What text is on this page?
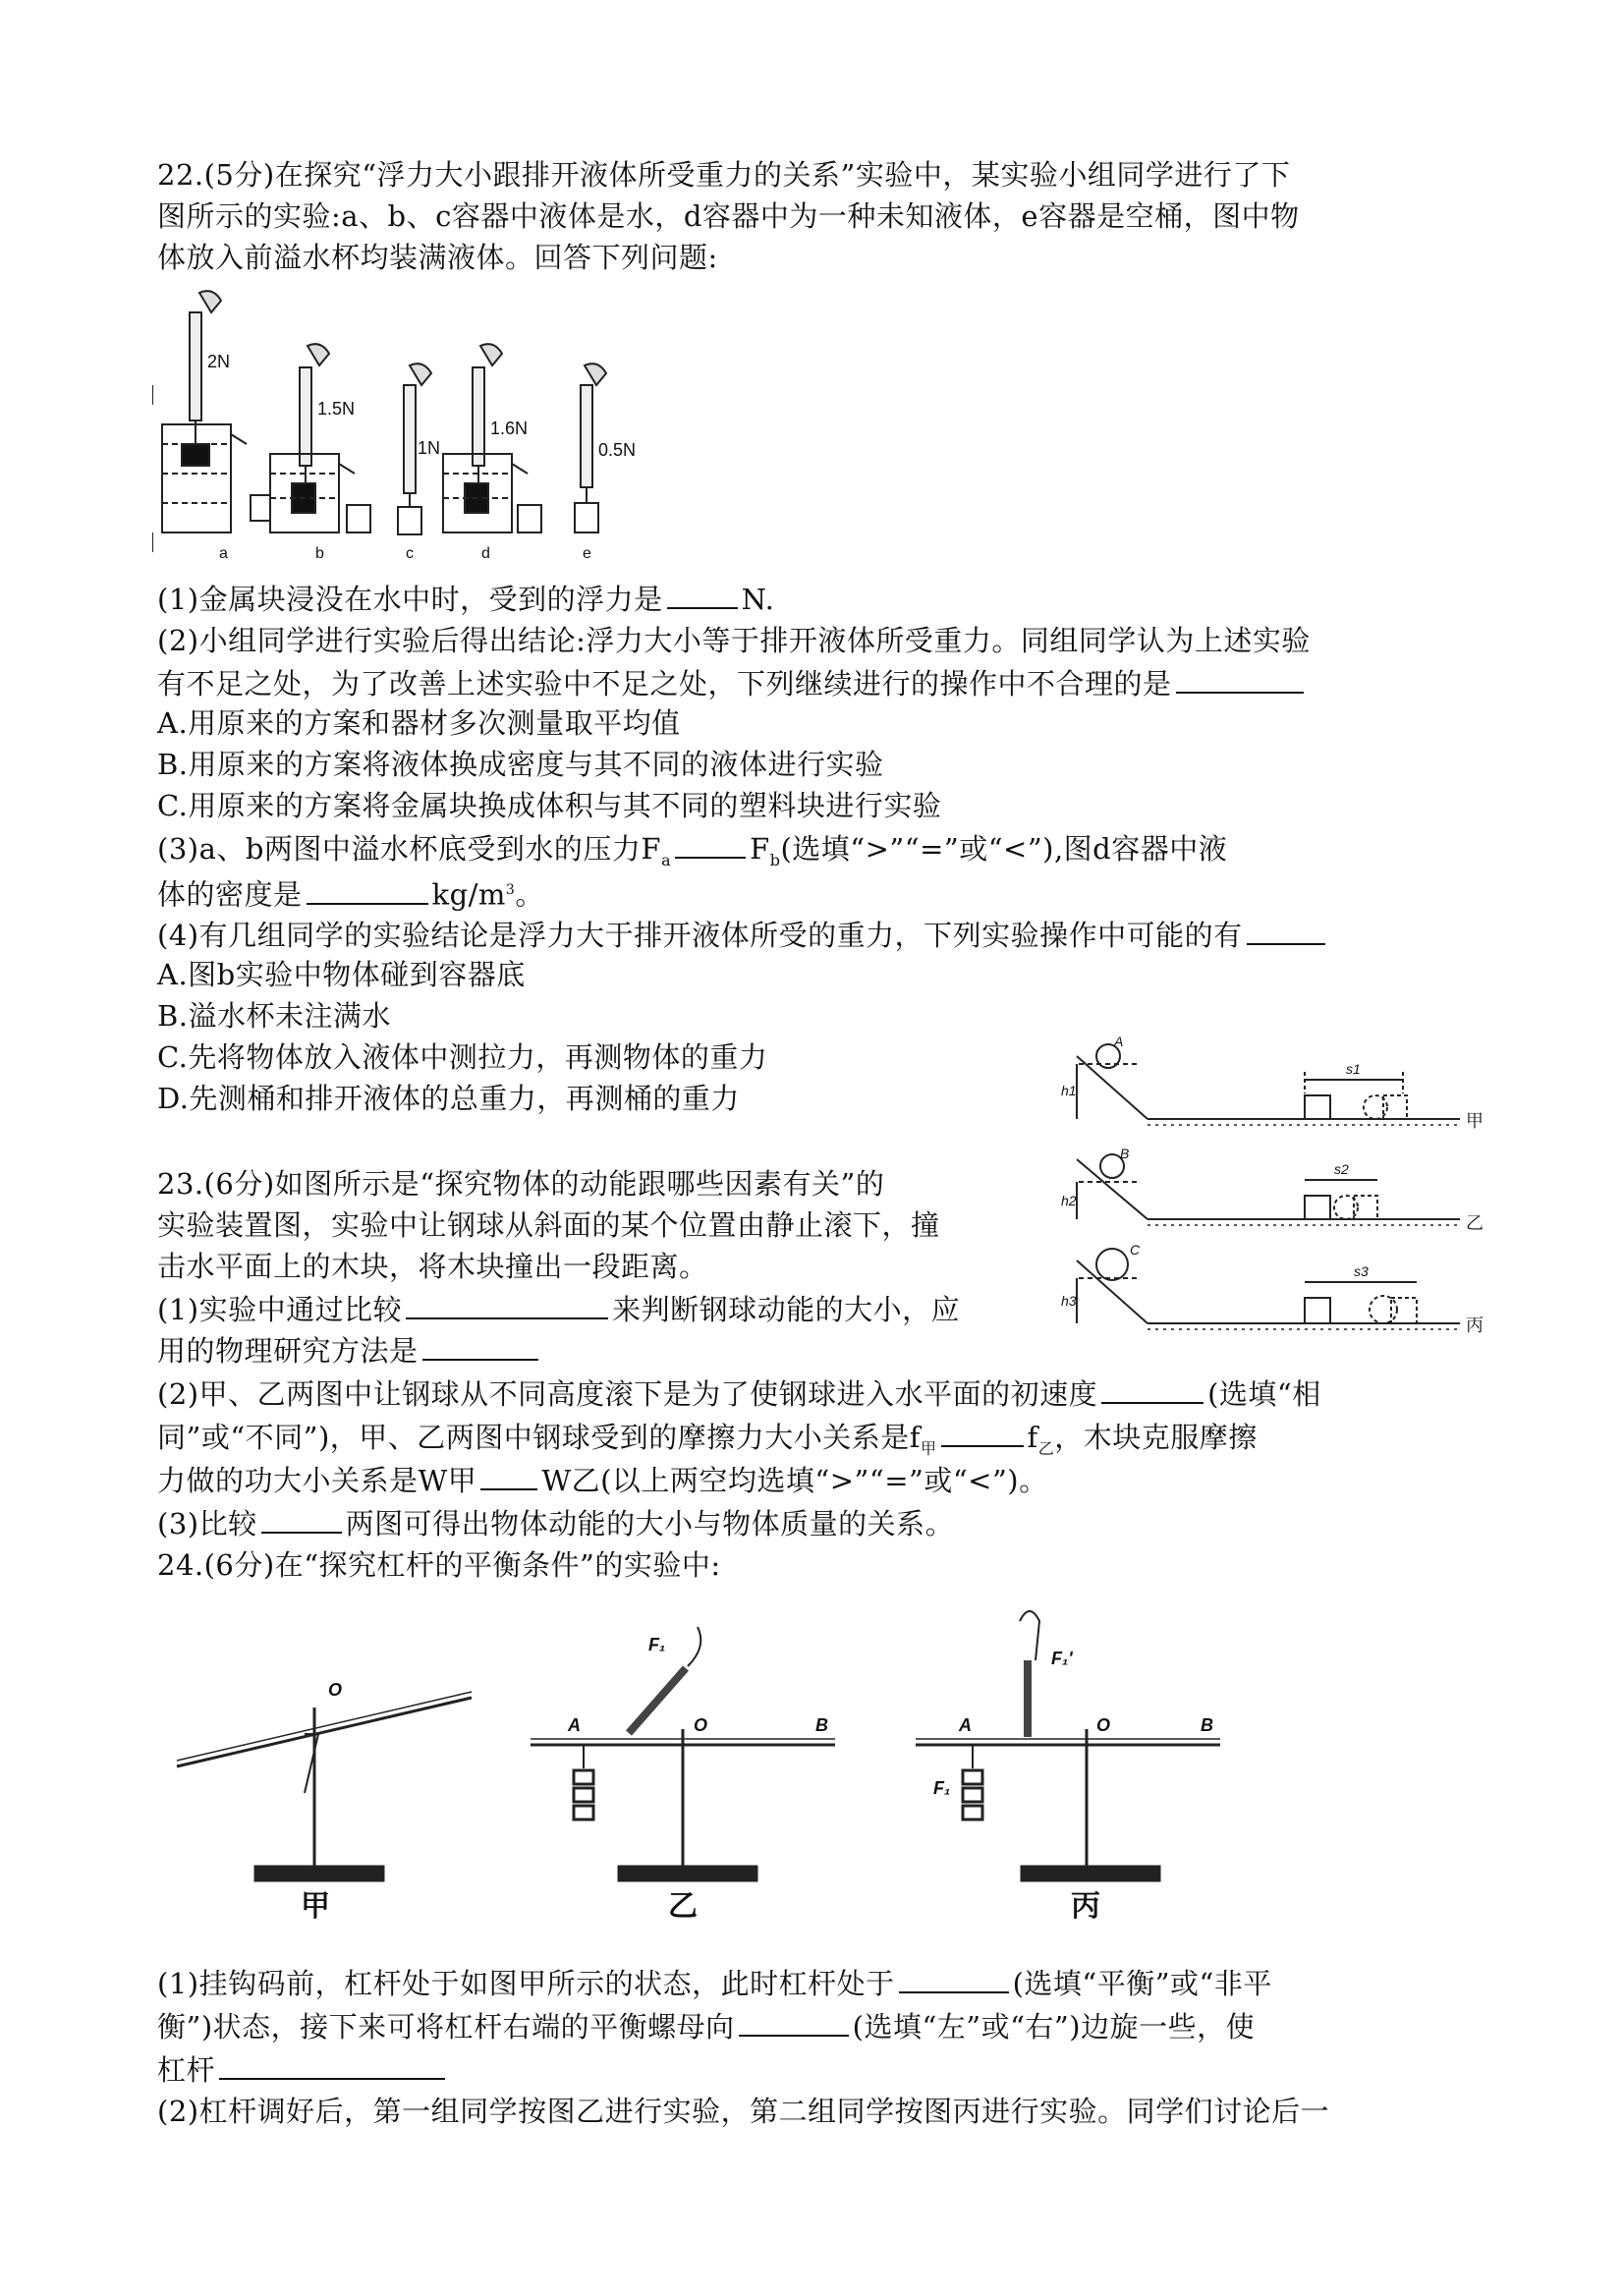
22.(5分)在探究“浮力大小跟排开液体所受重力的关系”实验中，某实验小组同学进行了下
图所示的实验:a、b、c容器中液体是水，d容器中为一种未知液体，e容器是空桶，图中物
体放入前溢水杯均装满液体。回答下列问题:
2N
1.5N
1N
1.6N
0.5N
a	b	c	d	e
(1)金属块浸没在水中时，受到的浮力是	N.
(2)小组同学进行实验后得出结论:浮力大小等于排开液体所受重力。同组同学认为上述实验
有不足之处，为了改善上述实验中不足之处，下列继续进行的操作中不合理的是
A.用原来的方案和器材多次测量取平均值
B.用原来的方案将液体换成密度与其不同的液体进行实验
C.用原来的方案将金属块换成体积与其不同的塑料块进行实验
(3)a、b两图中溢水杯底受到水的压力$F_a$	$F_b$(选填“>”“=”或“<”),图d容器中液
体的密度是	$kg/m^3$。
(4)有几组同学的实验结论是浮力大于排开液体所受的重力，下列实验操作中可能的有
A.图b实验中物体碰到容器底
B.溢水杯未注满水
C.先将物体放入液体中测拉力，再测物体的重力
D.先测桶和排开液体的总重力，再测桶的重力
A
B
C
h1
h2
h3
s1
s2
s3
甲
乙
丙
23.(6分)如图所示是“探究物体的动能跟哪些因素有关”的
实验装置图，实验中让钢球从斜面的某个位置由静止滚下，撞
击水平面上的木块，将木块撞出一段距离。
(1)实验中通过比较	来判断钢球动能的大小，应
用的物理研究方法是
(2)甲、乙两图中让钢球从不同高度滚下是为了使钢球进入水平面的初速度	(选填“相
同”或“不同”)，甲、乙两图中钢球受到的摩擦力大小关系是$f_甲$	$f_乙$，木块克服摩擦
力做的功大小关系是W甲 W乙(以上两空均选填“>”“=”或“<”)。
(3)比较	两图可得出物体动能的大小与物体质量的关系。
24.(6分)在“探究杠杆的平衡条件”的实验中:
O
A	O	B
F₁
A	O	B
F₁'
F₁
甲	乙	丙
(1)挂钩码前，杠杆处于如图甲所示的状态，此时杠杆处于	(选填“平衡”或“非平
衡”)状态，接下来可将杠杆右端的平衡螺母向	(选填“左”或“右”)边旋一些，使
杠杆
(2)杠杆调好后，第一组同学按图乙进行实验，第二组同学按图丙进行实验。同学们讨论后一
